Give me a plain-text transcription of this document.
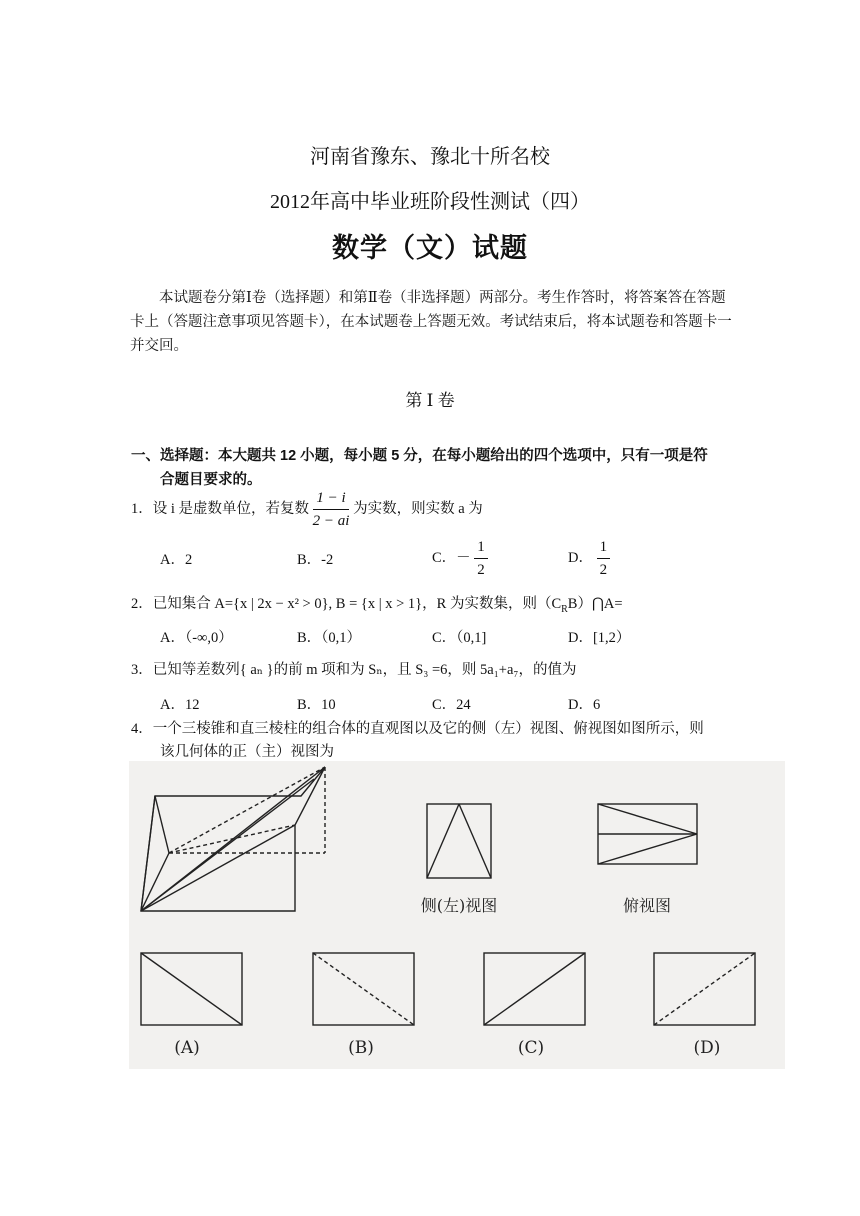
河南省豫东、豫北十所名校
2012年高中毕业班阶段性测试（四）
数学（文）试题
本试题卷分第Ⅰ卷（选择题）和第Ⅱ卷（非选择题）两部分。考生作答时，将答案答在答题卡上（答题注意事项见答题卡），在本试题卷上答题无效。考试结束后，将本试题卷和答题卡一并交回。
第 Ⅰ 卷
一、选择题：本大题共 12 小题，每小题 5 分，在每小题给出的四个选项中，只有一项是符
合题目要求的。
1．设 i 是虚数单位，若复数 $\frac{1 - i}{2 - ai}$ 为实数，则实数 a 为
A．2	B．-2	C．－ $\frac{1}{2}$	D． $\frac{1}{2}$
2．已知集合 A={x | 2x − x² > 0}, B = {x | x > 1}，R 为实数集，则$(C_RB)⋂A=$
A．（-∞,0）	B．（0,1）	C．（0,1]	D．[1,2）
3．已知等差数列{ aₙ }的前 m 项和为 Sₙ，且 S₃ =6，则 5a₁+a₇，的值为
A．12	B．10	C．24	D．6
4．一个三棱锥和直三棱柱的组合体的直观图以及它的侧（左）视图、俯视图如图所示，则
该几何体的正（主）视图为
侧(左)视图	俯视图
(A)	(B)	(C)	(D)
